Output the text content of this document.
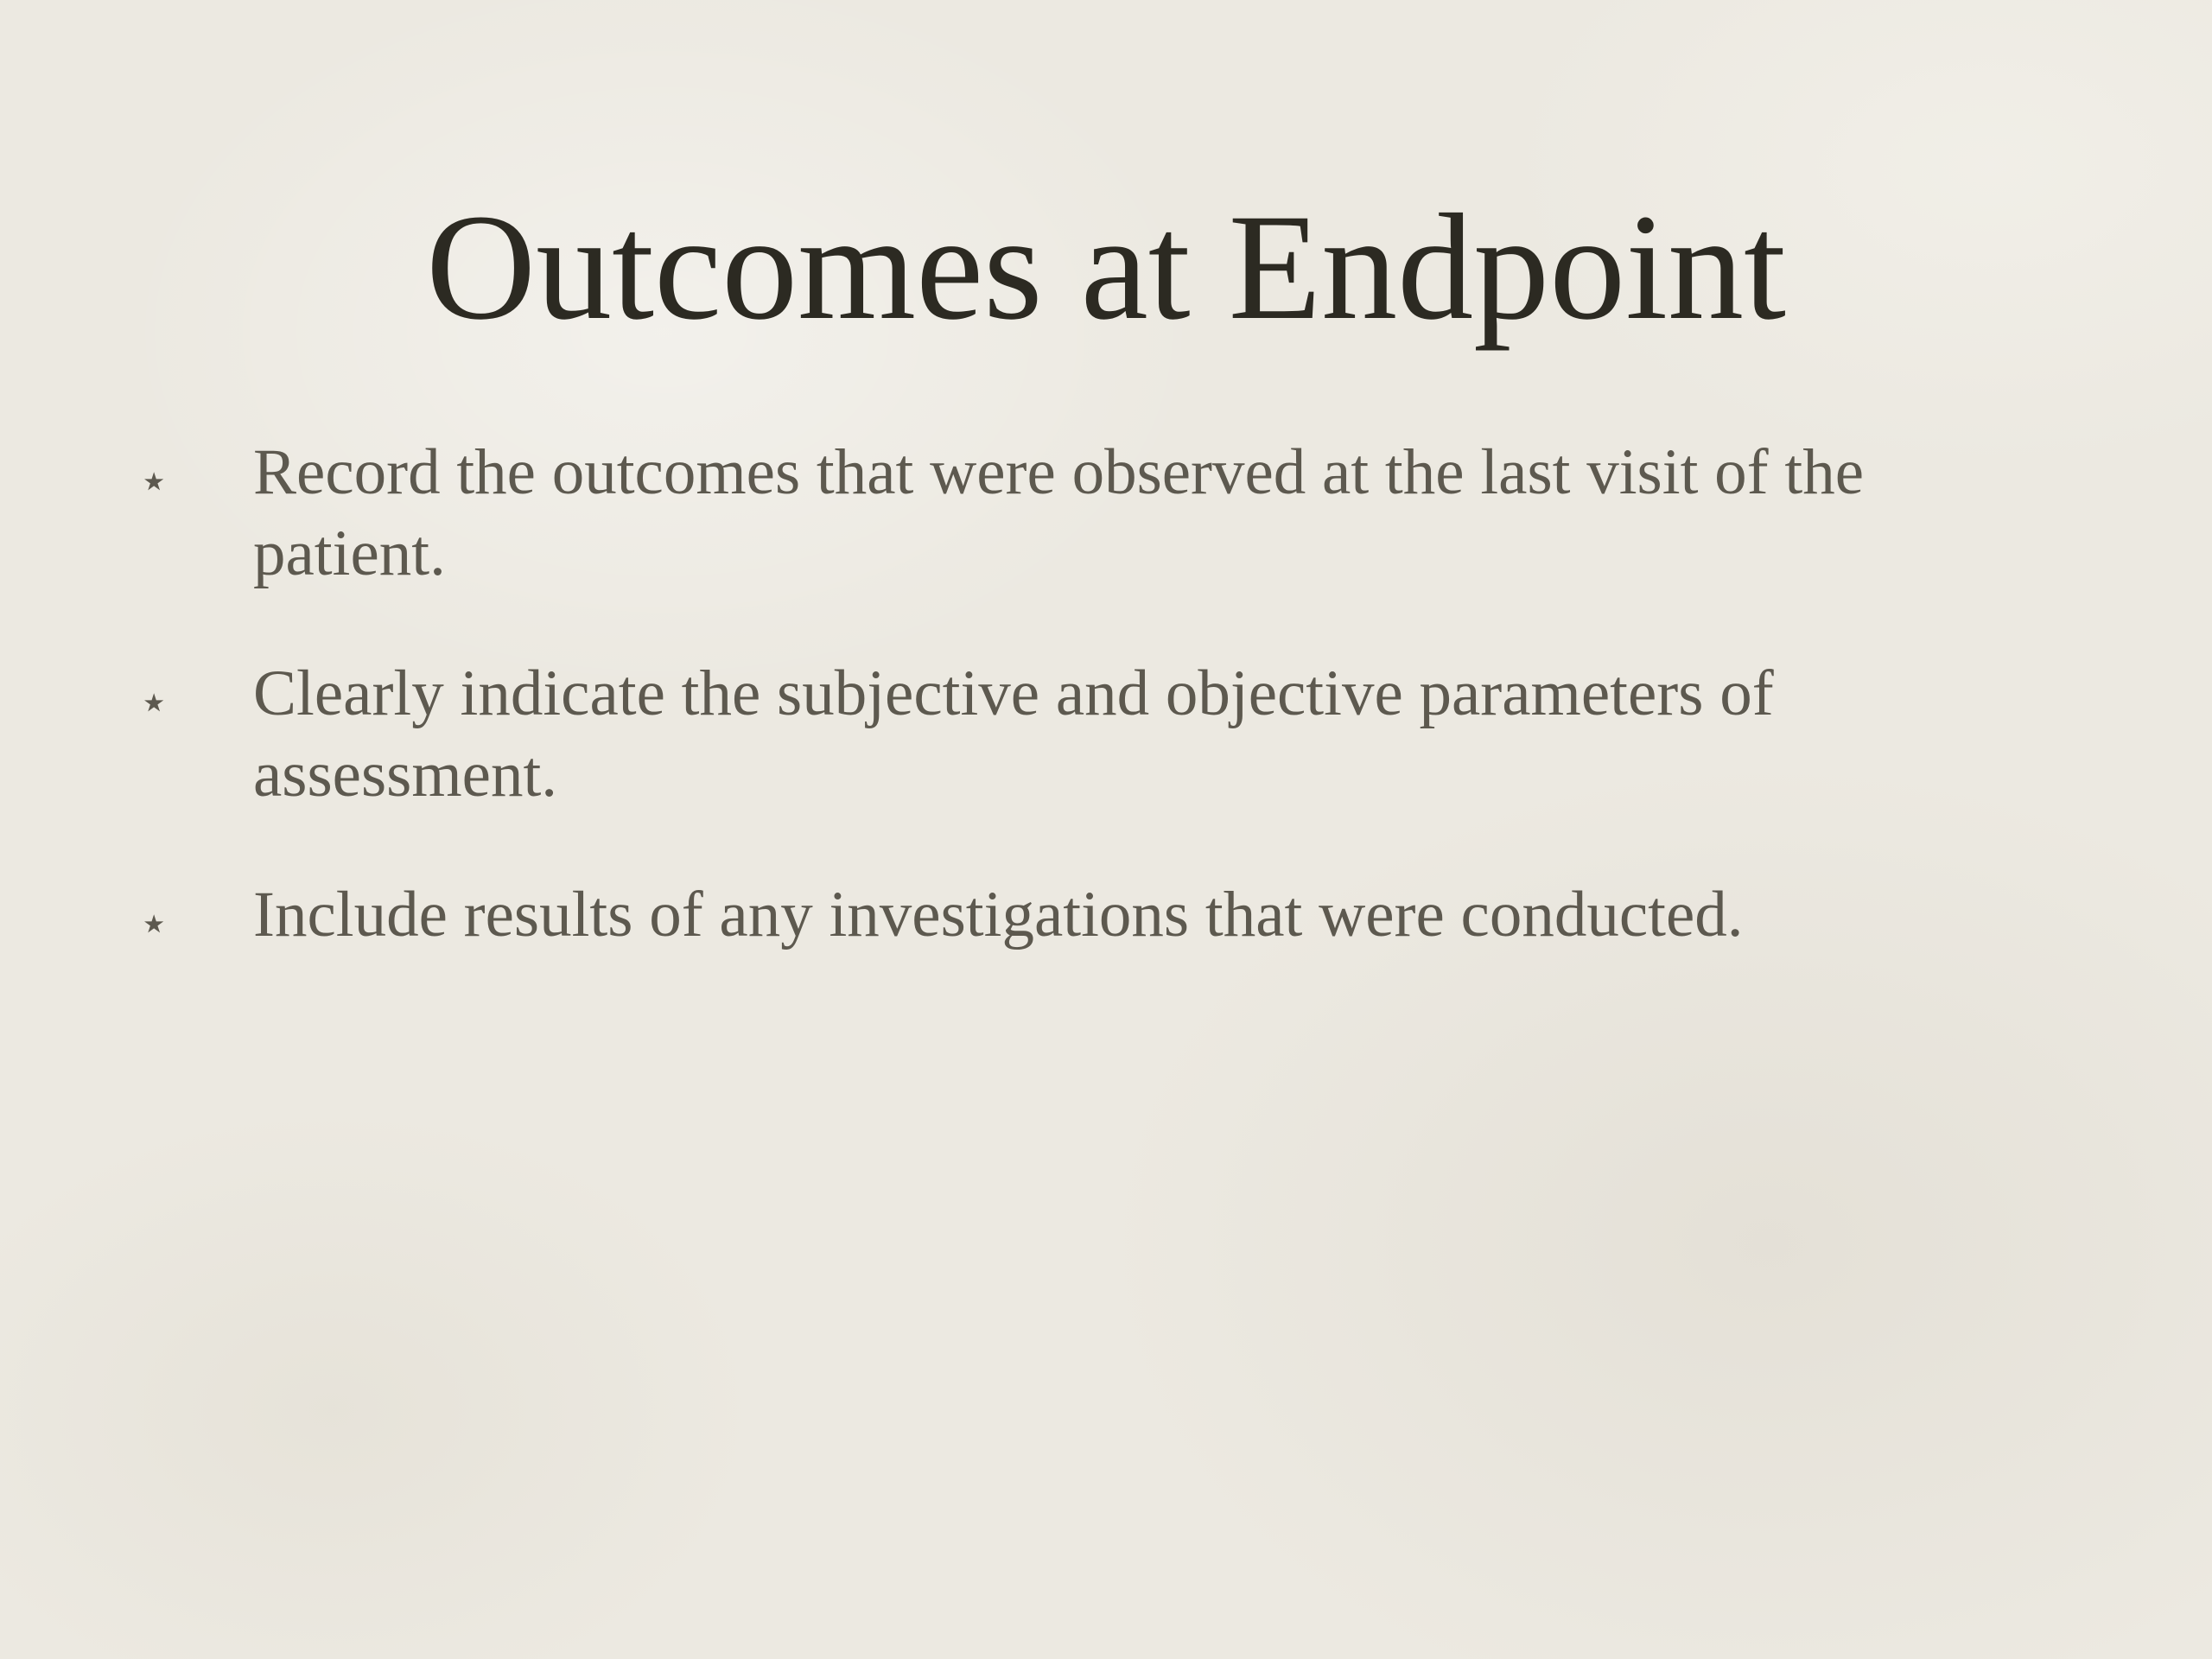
Outcomes at Endpoint
⋆	Record the outcomes that were observed at the last visit of the patient.
⋆	Clearly indicate the subjective and objective parameters of assessment.
⋆	Include results of any investigations that were conducted.
